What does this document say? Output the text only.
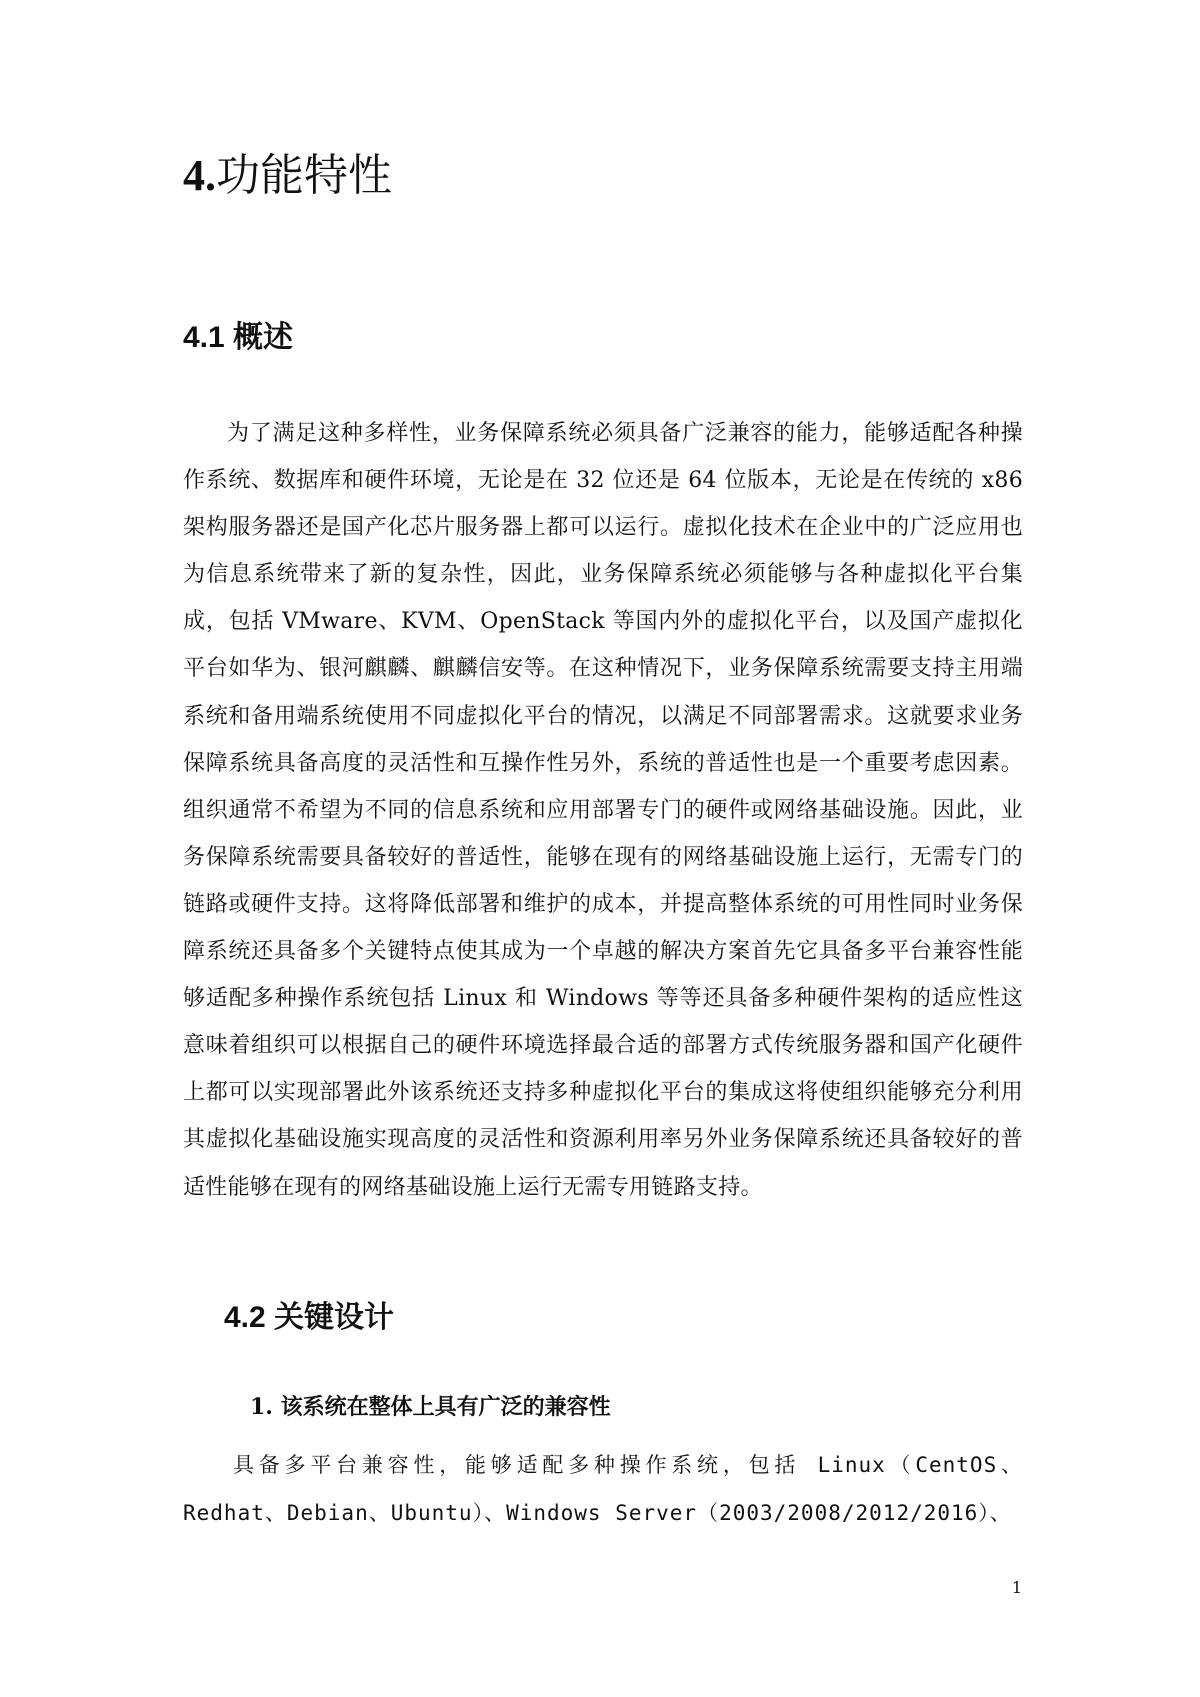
4.功能特性
4.1 概述

为了满足这种多样性，业务保障系统必须具备广泛兼容的能力，能够适配各种操作系统、数据库和硬件环境，无论是在 32 位还是 64 位版本，无论是在传统的 x86 架构服务器还是国产化芯片服务器上都可以运行。虚拟化技术在企业中的广泛应用也为信息系统带来了新的复杂性，因此，业务保障系统必须能够与各种虚拟化平台集成，包括 VMware、KVM、OpenStack 等国内外的虚拟化平台，以及国产虚拟化平台如华为、银河麒麟、麒麟信安等。在这种情况下，业务保障系统需要支持主用端系统和备用端系统使用不同虚拟化平台的情况，以满足不同部署需求。这就要求业务保障系统具备高度的灵活性和互操作性另外，系统的普适性也是一个重要考虑因素。组织通常不希望为不同的信息系统和应用部署专门的硬件或网络基础设施。因此，业务保障系统需要具备较好的普适性，能够在现有的网络基础设施上运行，无需专门的链路或硬件支持。这将降低部署和维护的成本，并提高整体系统的可用性同时业务保障系统还具备多个关键特点使其成为一个卓越的解决方案首先它具备多平台兼容性能够适配多种操作系统包括 Linux 和 Windows 等等还具备多种硬件架构的适应性这意味着组织可以根据自己的硬件环境选择最合适的部署方式传统服务器和国产化硬件上都可以实现部署此外该系统还支持多种虚拟化平台的集成这将使组织能够充分利用其虚拟化基础设施实现高度的灵活性和资源利用率另外业务保障系统还具备较好的普适性能够在现有的网络基础设施上运行无需专用链路支持。

4.2 关键设计
1. 该系统在整体上具有广泛的兼容性

具备多平台兼容性，能够适配多种操作系统，包括 Linux（CentOS、Redhat、Debian、Ubuntu）、Windows Server（2003/2008/2012/2016）、

1
